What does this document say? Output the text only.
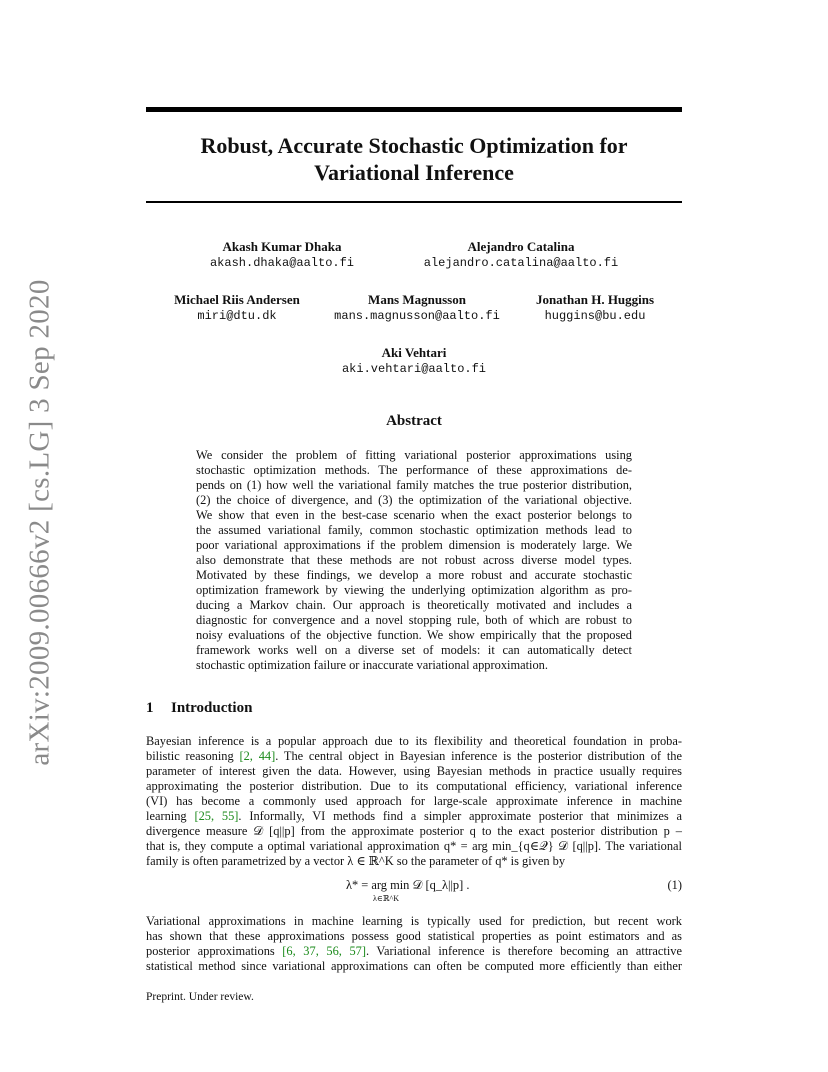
arXiv:2009.00666v2 [cs.LG] 3 Sep 2020
Robust, Accurate Stochastic Optimization for
Variational Inference
Akash Kumar Dhaka
akash.dhaka@aalto.fi
Alejandro Catalina
alejandro.catalina@aalto.fi
Michael Riis Andersen
miri@dtu.dk
Mans Magnusson
mans.magnusson@aalto.fi
Jonathan H. Huggins
huggins@bu.edu
Aki Vehtari
aki.vehtari@aalto.fi
Abstract
We consider the problem of fitting variational posterior approximations using
stochastic optimization methods. The performance of these approximations de-
pends on (1) how well the variational family matches the true posterior distribution,
(2) the choice of divergence, and (3) the optimization of the variational objective.
We show that even in the best-case scenario when the exact posterior belongs to
the assumed variational family, common stochastic optimization methods lead to
poor variational approximations if the problem dimension is moderately large. We
also demonstrate that these methods are not robust across diverse model types.
Motivated by these findings, we develop a more robust and accurate stochastic
optimization framework by viewing the underlying optimization algorithm as pro-
ducing a Markov chain. Our approach is theoretically motivated and includes a
diagnostic for convergence and a novel stopping rule, both of which are robust to
noisy evaluations of the objective function. We show empirically that the proposed
framework works well on a diverse set of models: it can automatically detect
stochastic optimization failure or inaccurate variational approximation.
1 Introduction
Bayesian inference is a popular approach due to its flexibility and theoretical foundation in proba-
bilistic reasoning [2, 44]. The central object in Bayesian inference is the posterior distribution of the
parameter of interest given the data. However, using Bayesian methods in practice usually requires
approximating the posterior distribution. Due to its computational efficiency, variational inference
(VI) has become a commonly used approach for large-scale approximate inference in machine
learning [25, 55]. Informally, VI methods find a simpler approximate posterior that minimizes a
divergence measure 𝒟 [q||p] from the approximate posterior q to the exact posterior distribution p –
that is, they compute a optimal variational approximation q* = arg min_{q∈𝒬} 𝒟 [q||p]. The variational
family is often parametrized by a vector λ ∈ ℝ^K so the parameter of q* is given by
λ* = arg min 𝒟 [q_λ||p] .
λ∈ℝ^K
(1)
Variational approximations in machine learning is typically used for prediction, but recent work
has shown that these approximations possess good statistical properties as point estimators and as
posterior approximations [6, 37, 56, 57]. Variational inference is therefore becoming an attractive
statistical method since variational approximations can often be computed more efficiently than either
Preprint. Under review.
